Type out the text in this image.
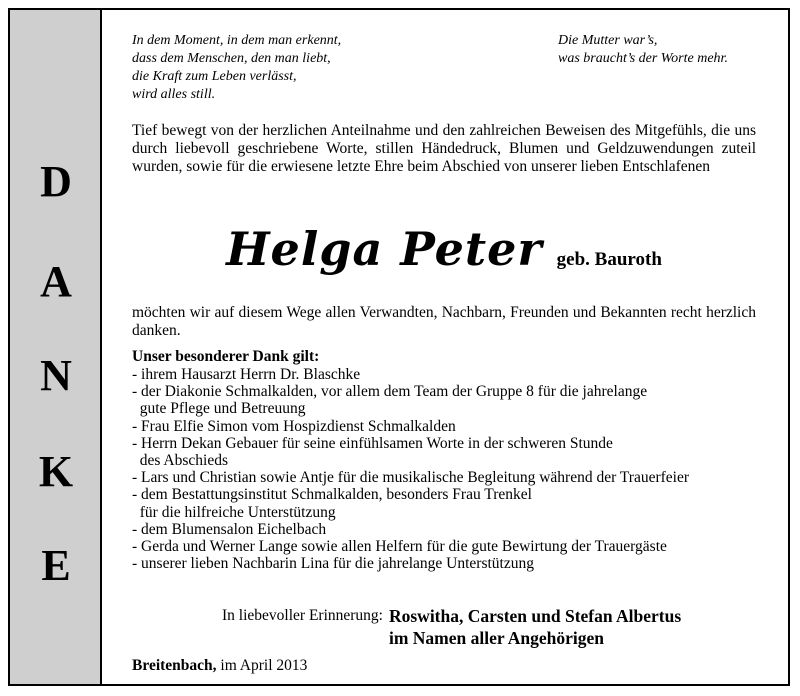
D
A
N
K
E
In dem Moment, in dem man erkennt,
dass dem Menschen, den man liebt,
die Kraft zum Leben verlässt,
wird alles still.
Die Mutter war’s,
was braucht’s der Worte mehr.
Tief bewegt von der herzlichen Anteilnahme und den zahlreichen Beweisen des Mitgefühls, die uns durch liebevoll geschriebene Worte, stillen Händedruck, Blumen und Geldzuwendungen zuteil wurden, sowie für die erwiesene letzte Ehre beim Abschied von unserer lieben Entschlafenen
Helga Peter geb. Bauroth
möchten wir auf diesem Wege allen Verwandten, Nachbarn, Freunden und Bekannten recht herzlich danken.
Unser besonderer Dank gilt:
- ihrem Hausarzt Herrn Dr. Blaschke
- der Diakonie Schmalkalden, vor allem dem Team der Gruppe 8 für die jahrelange
gute Pflege und Betreuung
- Frau Elfie Simon vom Hospizdienst Schmalkalden
- Herrn Dekan Gebauer für seine einfühlsamen Worte in der schweren Stunde
des Abschieds
- Lars und Christian sowie Antje für die musikalische Begleitung während der Trauerfeier
- dem Bestattungsinstitut Schmalkalden, besonders Frau Trenkel
für die hilfreiche Unterstützung
- dem Blumensalon Eichelbach
- Gerda und Werner Lange sowie allen Helfern für die gute Bewirtung der Trauergäste
- unserer lieben Nachbarin Lina für die jahrelange Unterstützung
In liebevoller Erinnerung: Roswitha, Carsten und Stefan Albertus
im Namen aller Angehörigen
Breitenbach, im April 2013
